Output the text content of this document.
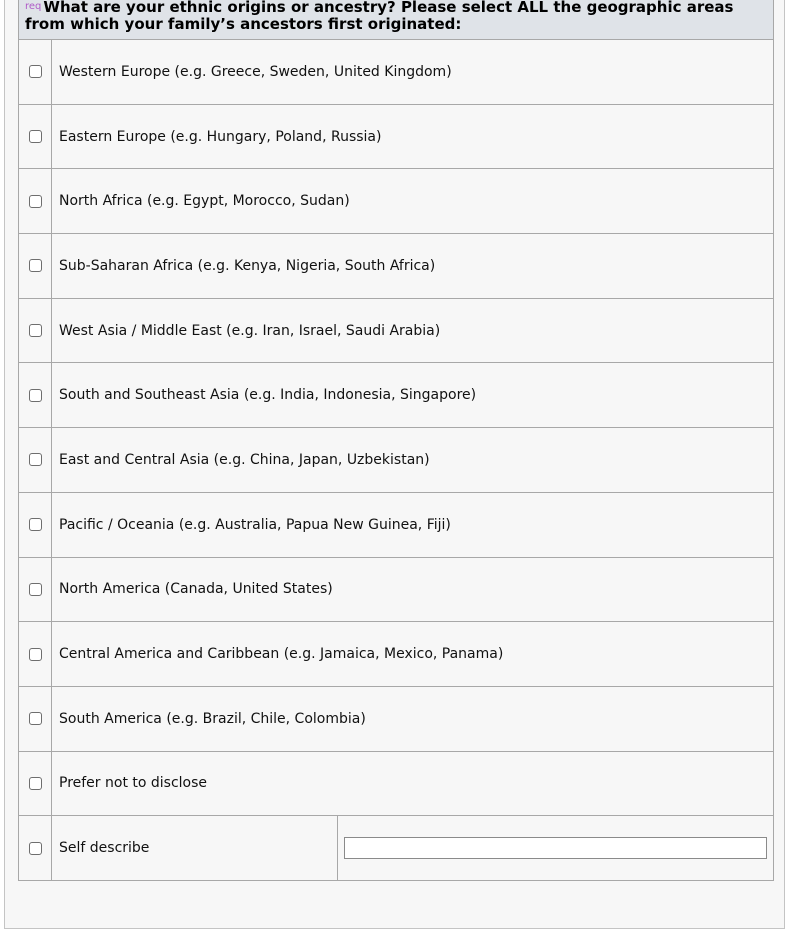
$^{req}$ What are your ethnic origins or ancestry? Please select ALL the geographic areas from which your family’s ancestors first originated:
Western Europe (e.g. Greece, Sweden, United Kingdom)
Eastern Europe (e.g. Hungary, Poland, Russia)
North Africa (e.g. Egypt, Morocco, Sudan)
Sub-Saharan Africa (e.g. Kenya, Nigeria, South Africa)
West Asia / Middle East (e.g. Iran, Israel, Saudi Arabia)
South and Southeast Asia (e.g. India, Indonesia, Singapore)
East and Central Asia (e.g. China, Japan, Uzbekistan)
Pacific / Oceania (e.g. Australia, Papua New Guinea, Fiji)
North America (Canada, United States)
Central America and Caribbean (e.g. Jamaica, Mexico, Panama)
South America (e.g. Brazil, Chile, Colombia)
Prefer not to disclose
Self describe
